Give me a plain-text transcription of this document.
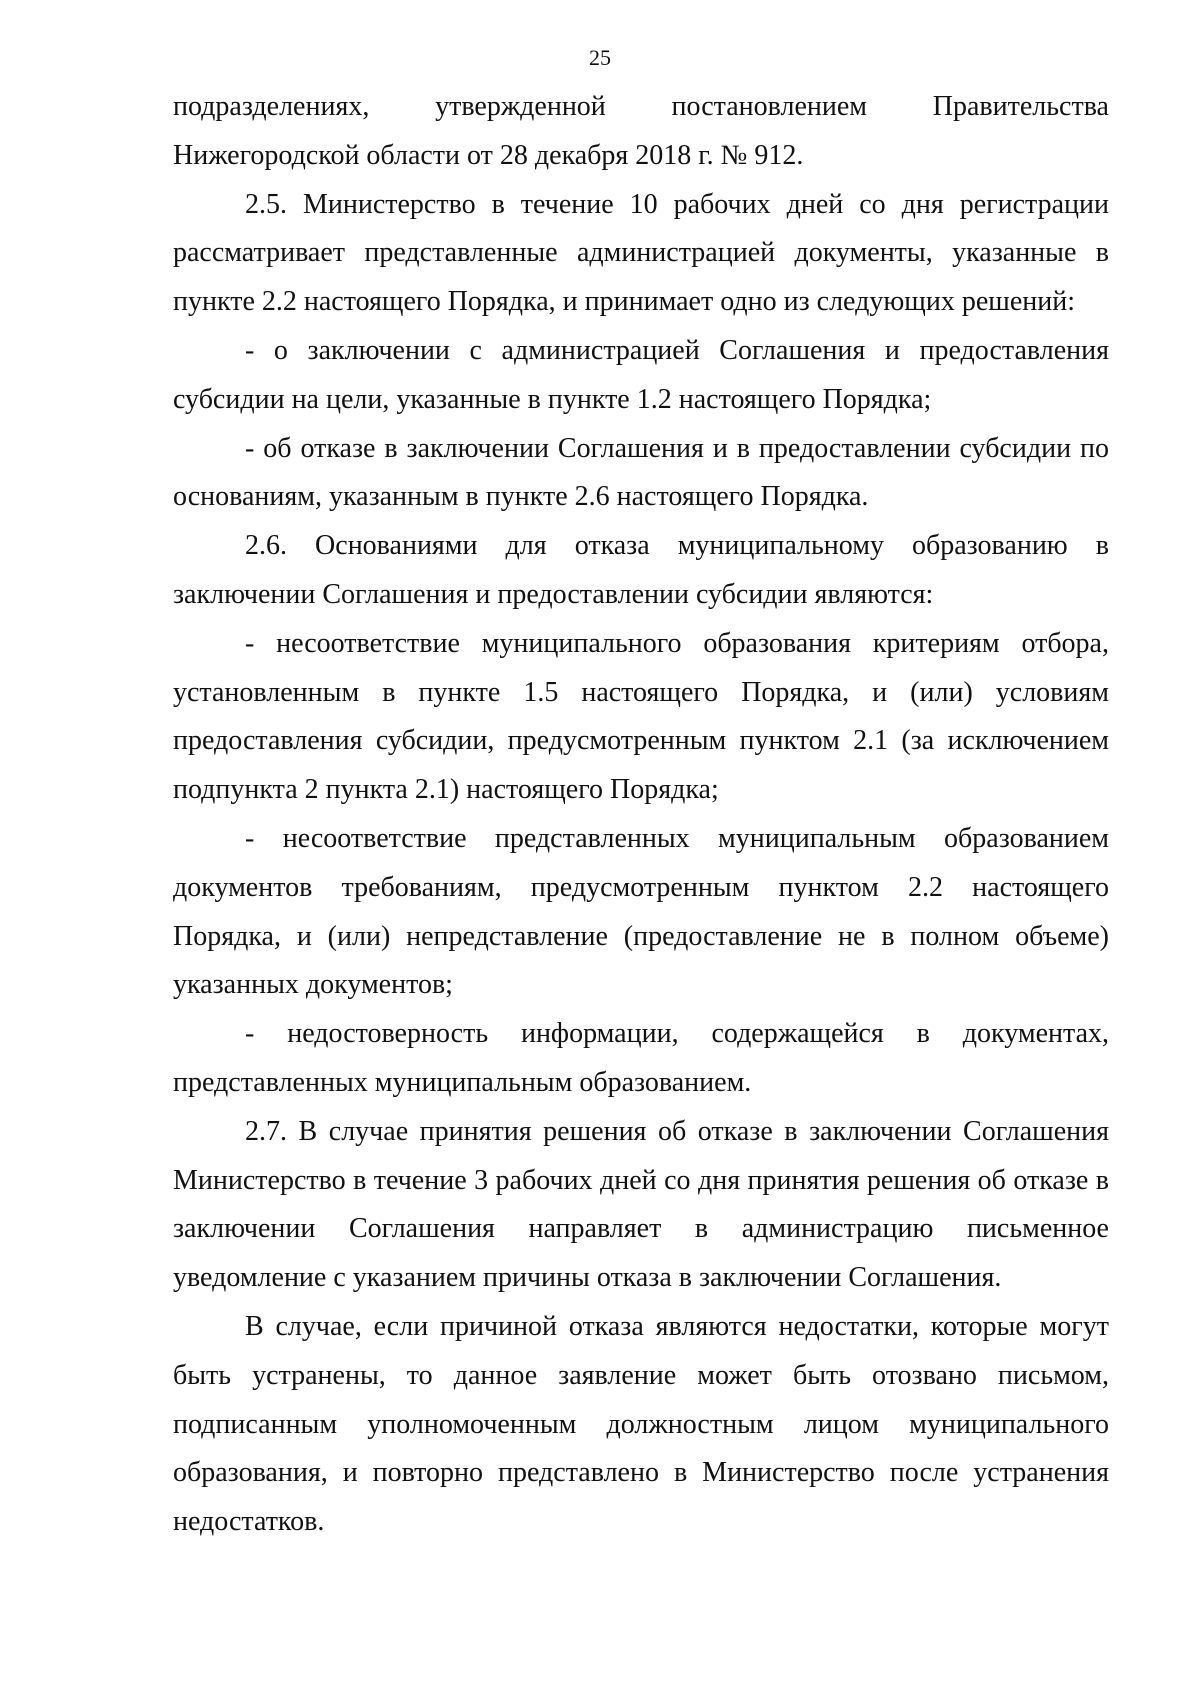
25

подразделениях, утвержденной постановлением Правительства Нижегородской области от 28 декабря 2018 г. № 912.

2.5. Министерство в течение 10 рабочих дней со дня регистрации рассматривает представленные администрацией документы, указанные в пункте 2.2 настоящего Порядка, и принимает одно из следующих решений:

- о заключении с администрацией Соглашения и предоставления субсидии на цели, указанные в пункте 1.2 настоящего Порядка;

- об отказе в заключении Соглашения и в предоставлении субсидии по основаниям, указанным в пункте 2.6 настоящего Порядка.

2.6. Основаниями для отказа муниципальному образованию в заключении Соглашения и предоставлении субсидии являются:

- несоответствие муниципального образования критериям отбора, установленным в пункте 1.5 настоящего Порядка, и (или) условиям предоставления субсидии, предусмотренным пунктом 2.1 (за исключением подпункта 2 пункта 2.1) настоящего Порядка;

- несоответствие представленных муниципальным образованием документов требованиям, предусмотренным пунктом 2.2 настоящего Порядка, и (или) непредставление (предоставление не в полном объеме) указанных документов;

- недостоверность информации, содержащейся в документах, представленных муниципальным образованием.

2.7. В случае принятия решения об отказе в заключении Соглашения Министерство в течение 3 рабочих дней со дня принятия решения об отказе в заключении Соглашения направляет в администрацию письменное уведомление с указанием причины отказа в заключении Соглашения.

В случае, если причиной отказа являются недостатки, которые могут быть устранены, то данное заявление может быть отозвано письмом, подписанным уполномоченным должностным лицом муниципального образования, и повторно представлено в Министерство после устранения недостатков.
